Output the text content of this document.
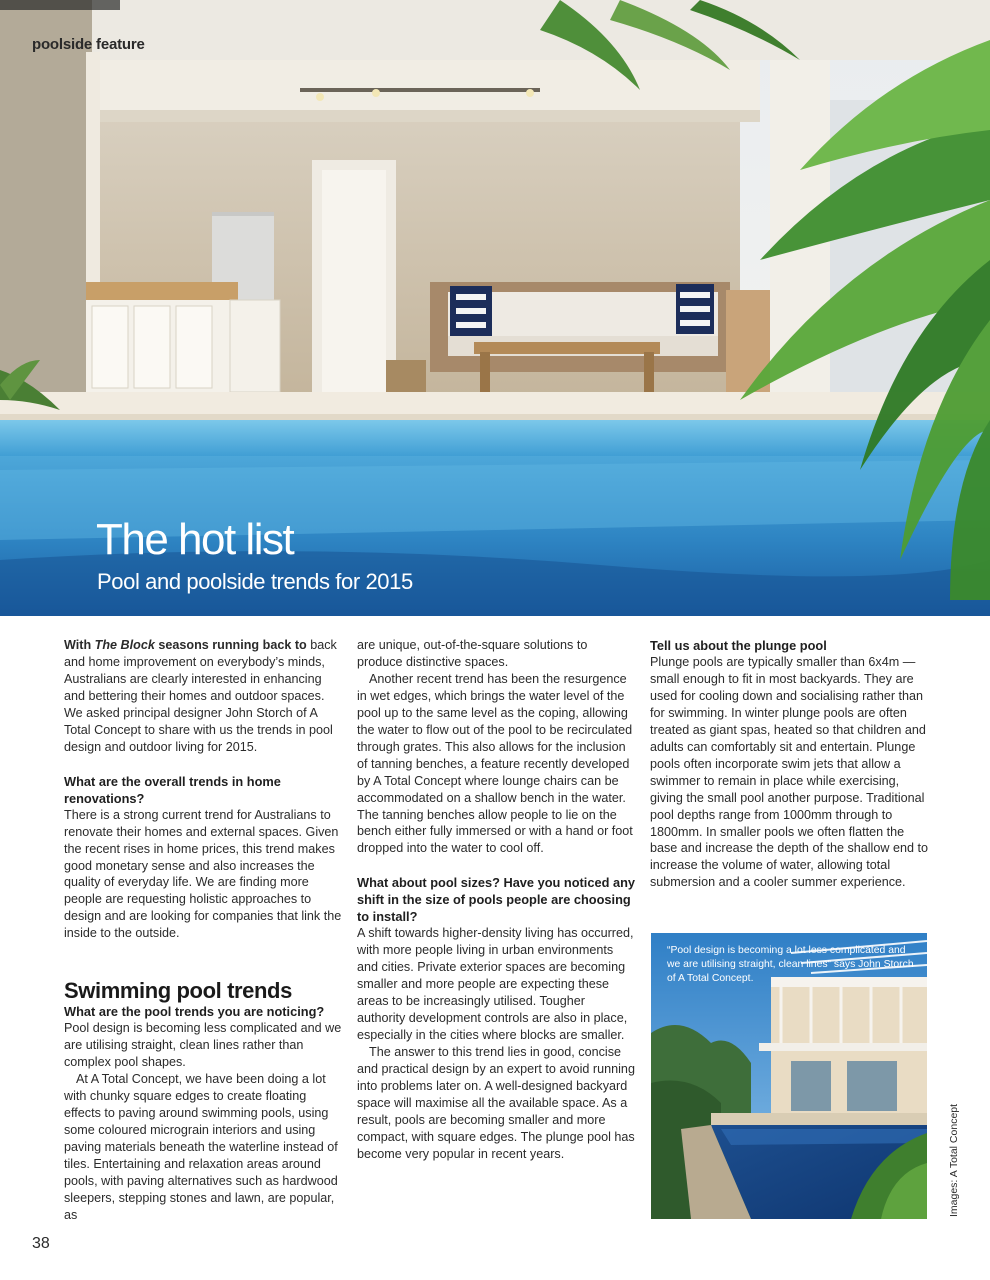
poolside feature
The hot list
Pool and poolside trends for 2015

With The Block seasons running back to back and home improvement on everybody’s minds, Australians are clearly interested in enhancing and bettering their homes and outdoor spaces. We asked principal designer John Storch of A Total Concept to share with us the trends in pool design and outdoor living for 2015.

What are the overall trends in home renovations?

There is a strong current trend for Australians to renovate their homes and external spaces. Given the recent rises in home prices, this trend makes good monetary sense and also increases the quality of everyday life. We are finding more people are requesting holistic approaches to design and are looking for companies that link the inside to the outside.

Swimming pool trends
What are the pool trends you are noticing?

Pool design is becoming less complicated and we are utilising straight, clean lines rather than complex pool shapes.

At A Total Concept, we have been doing a lot with chunky square edges to create floating effects to paving around swimming pools, using some coloured micrograin interiors and using paving materials beneath the waterline instead of tiles. Entertaining and relaxation areas around pools, with paving alternatives such as hardwood sleepers, stepping stones and lawn, are popular, as

are unique, out-of-the-square solutions to produce distinctive spaces.

Another recent trend has been the resurgence in wet edges, which brings the water level of the pool up to the same level as the coping, allowing the water to flow out of the pool to be recirculated through grates. This also allows for the inclusion of tanning benches, a feature recently developed by A Total Concept where lounge chairs can be accommodated on a shallow bench in the water. The tanning benches allow people to lie on the bench either fully immersed or with a hand or foot dropped into the water to cool off.

What about pool sizes? Have you noticed any shift in the size of pools people are choosing to install?

A shift towards higher-density living has occurred, with more people living in urban environments and cities. Private exterior spaces are becoming smaller and more people are expecting these areas to be increasingly utilised. Tougher authority development controls are also in place, especially in the cities where blocks are smaller.

The answer to this trend lies in good, concise and practical design by an expert to avoid running into problems later on. A well-designed backyard space will maximise all the available space. As a result, pools are becoming smaller and more compact, with square edges. The plunge pool has become very popular in recent years.

Tell us about the plunge pool

Plunge pools are typically smaller than 6x4m — small enough to fit in most backyards. They are used for cooling down and socialising rather than for swimming. In winter plunge pools are often treated as giant spas, heated so that children and adults can comfortably sit and entertain. Plunge pools often incorporate swim jets that allow a swimmer to remain in place while exercising, giving the small pool another purpose. Traditional pool depths range from 1000mm through to 1800mm. In smaller pools we often flatten the base and increase the depth of the shallow end to increase the volume of water, allowing total submersion and a cooler summer experience.

“Pool design is becoming a lot less complicated and we are utilising straight, clean lines” says John Storch of A Total Concept.
Images: A Total Concept
38
